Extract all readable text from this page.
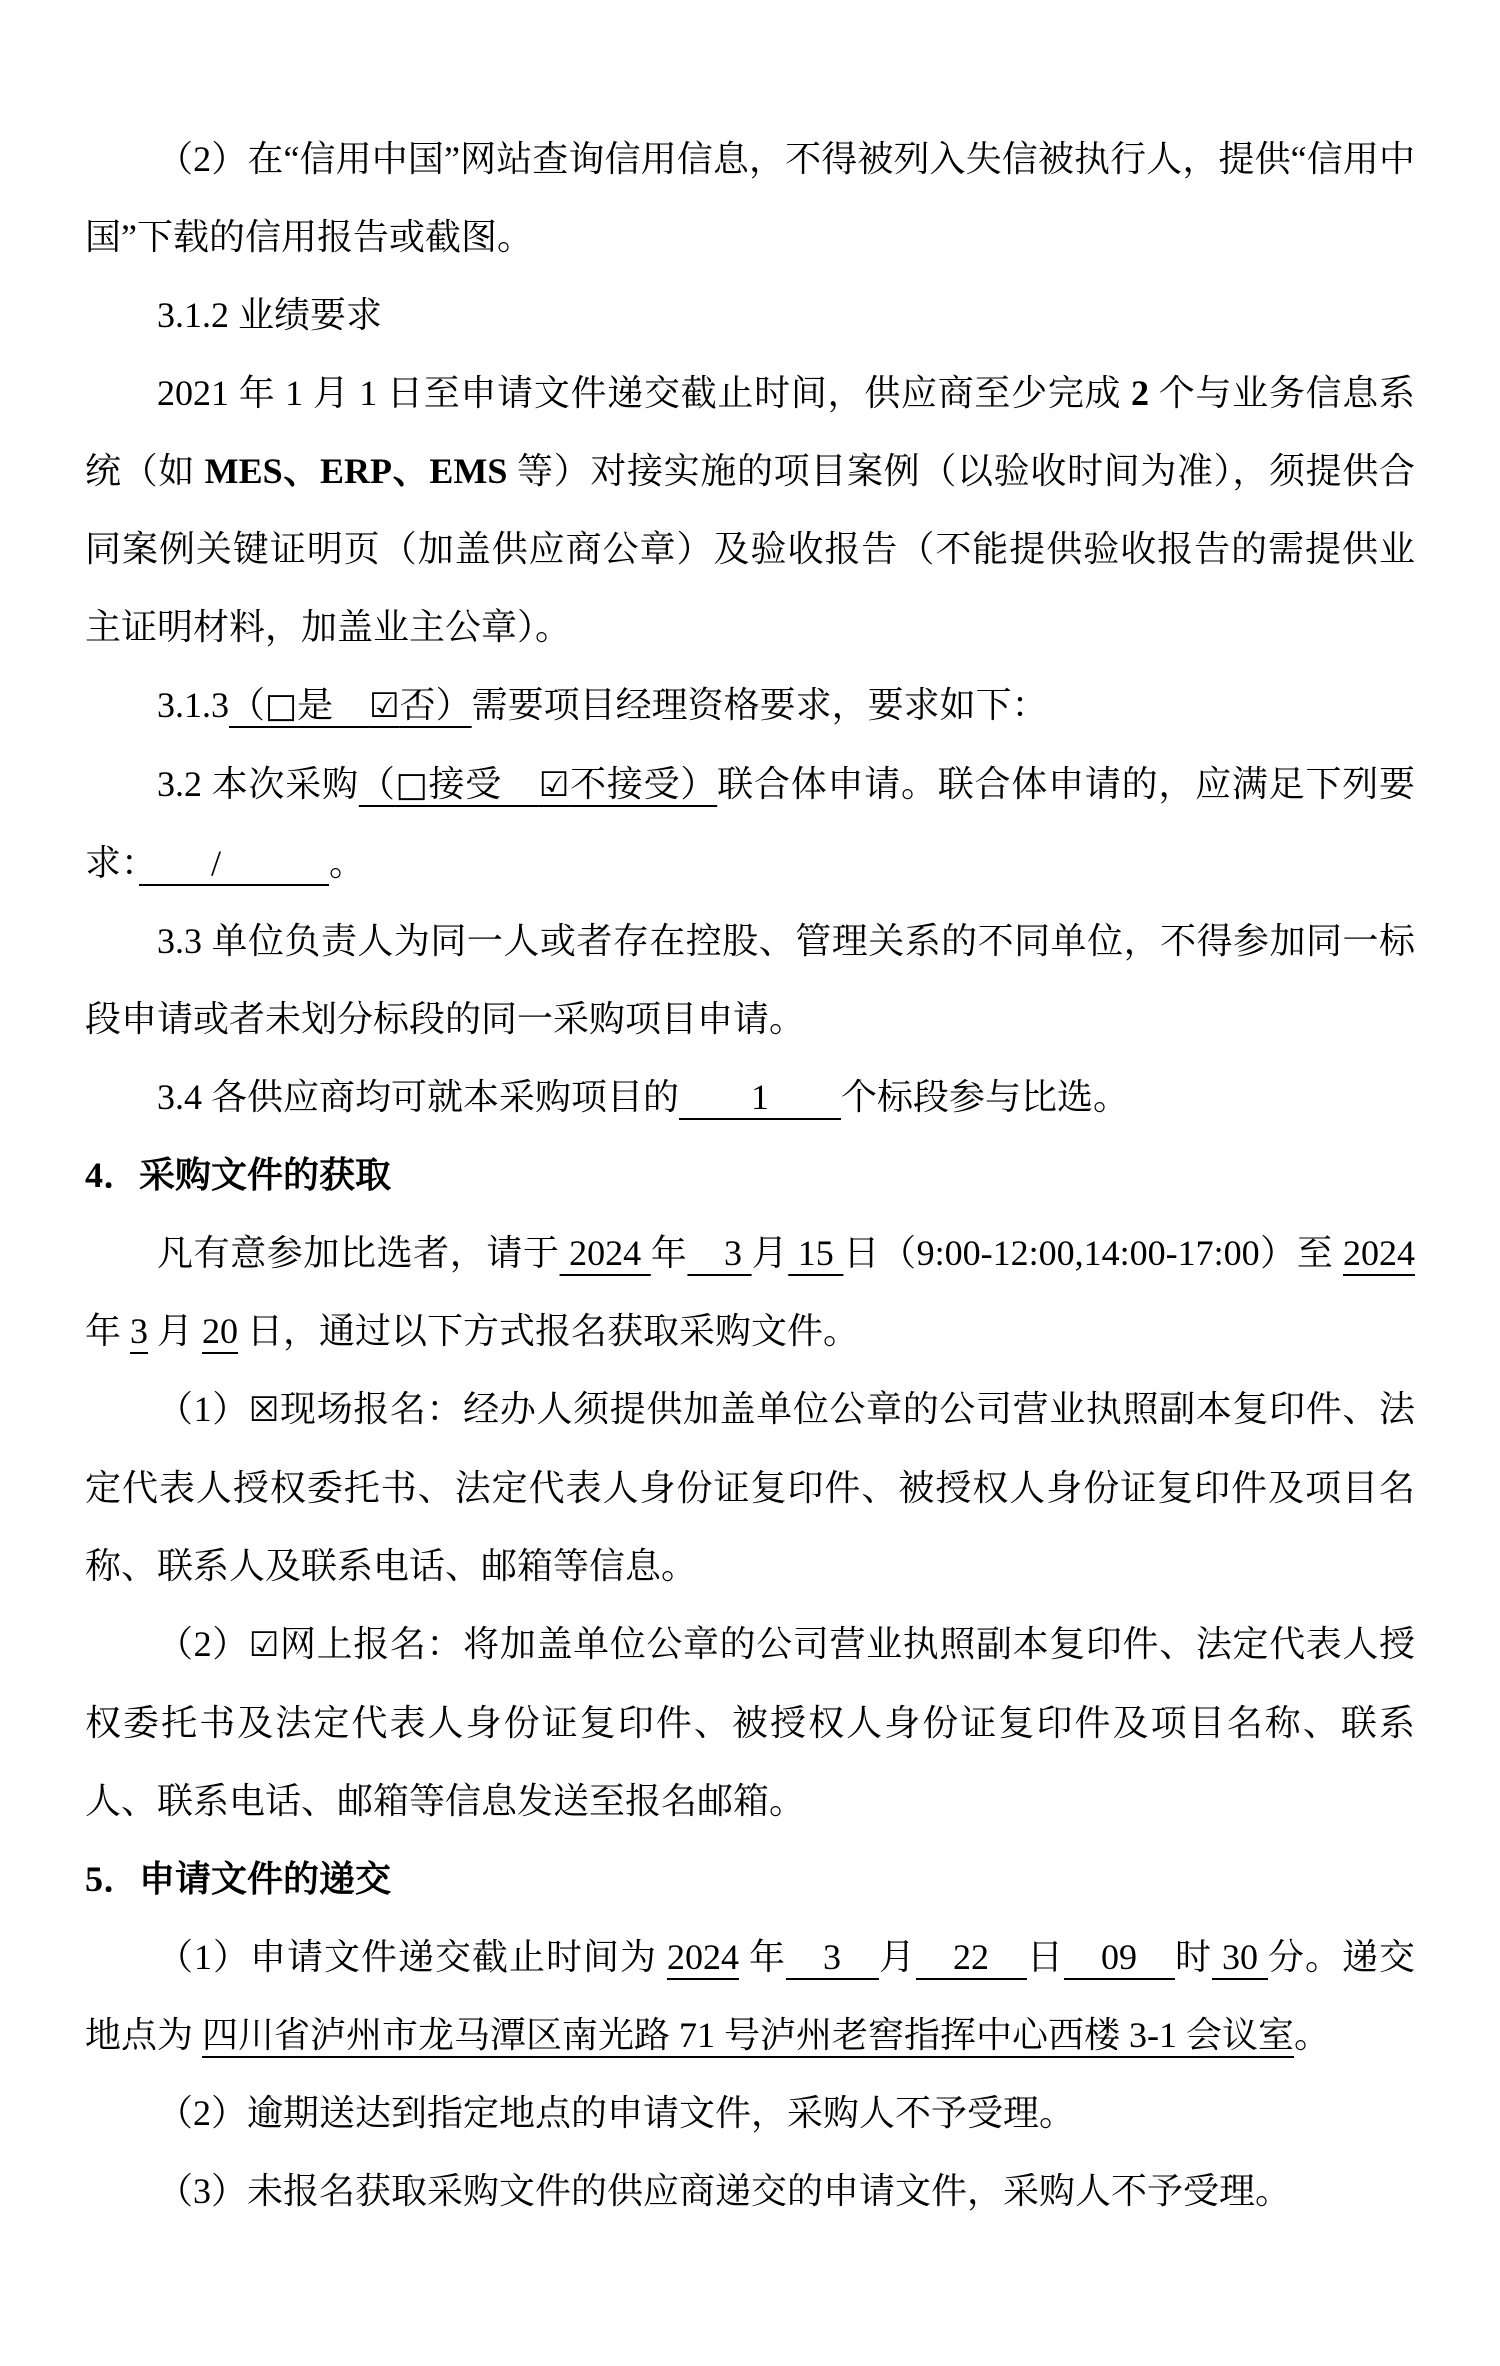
（2）在“信用中国”网站查询信用信息，不得被列入失信被执行人，提供“信用中国”下载的信用报告或截图。

3.1.2 业绩要求

2021 年 1 月 1 日至申请文件递交截止时间，供应商至少完成 2 个与业务信息系统（如 MES、ERP、EMS 等）对接实施的项目案例（以验收时间为准），须提供合同案例关键证明页（加盖供应商公章）及验收报告（不能提供验收报告的需提供业主证明材料，加盖业主公章）。

3.1.3（□是　☑否）需要项目经理资格要求，要求如下：

3.2 本次采购（□接受　☑不接受）联合体申请。联合体申请的，应满足下列要求：　　/　　　。

3.3 单位负责人为同一人或者存在控股、管理关系的不同单位，不得参加同一标段申请或者未划分标段的同一采购项目申请。

3.4 各供应商均可就本采购项目的　　1　　个标段参与比选。

4．采购文件的获取

凡有意参加比选者，请于 2024 年　3 月 15 日（9:00-12:00,14:00-17:00）至 2024 年 3 月 20 日，通过以下方式报名获取采购文件。

（1）☒现场报名：经办人须提供加盖单位公章的公司营业执照副本复印件、法定代表人授权委托书、法定代表人身份证复印件、被授权人身份证复印件及项目名称、联系人及联系电话、邮箱等信息。

（2）☑网上报名：将加盖单位公章的公司营业执照副本复印件、法定代表人授权委托书及法定代表人身份证复印件、被授权人身份证复印件及项目名称、联系人、联系电话、邮箱等信息发送至报名邮箱。

5．申请文件的递交

（1）申请文件递交截止时间为 2024 年　3　月　22　日　09　时 30 分。递交地点为 四川省泸州市龙马潭区南光路 71 号泸州老窖指挥中心西楼 3-1 会议室。

（2）逾期送达到指定地点的申请文件，采购人不予受理。

（3）未报名获取采购文件的供应商递交的申请文件，采购人不予受理。
